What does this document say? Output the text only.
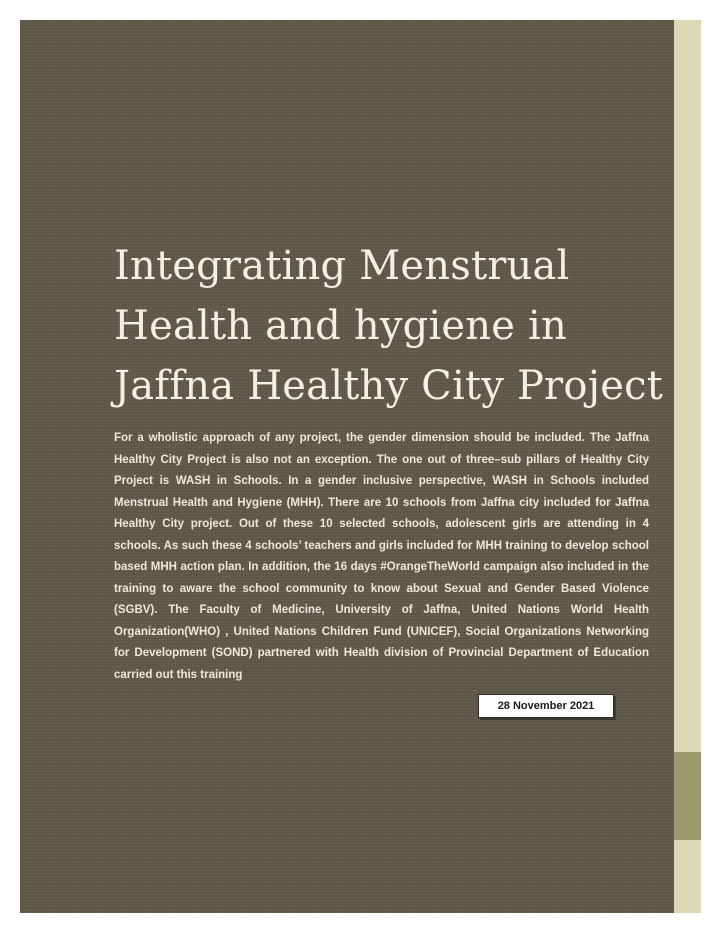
Integrating Menstrual Health and hygiene in Jaffna Healthy City Project
For a wholistic approach of any project, the gender dimension should be included. The Jaffna Healthy City Project is also not an exception. The one out of three–sub pillars of Healthy City Project is WASH in Schools. In a gender inclusive perspective, WASH in Schools included Menstrual Health and Hygiene (MHH). There are 10 schools from Jaffna city included for Jaffna Healthy City project. Out of these 10 selected schools, adolescent girls are attending in 4 schools. As such these 4 schools’ teachers and girls included for MHH training to develop school based MHH action plan. In addition, the 16 days #OrangeTheWorld campaign also included in the training to aware the school community to know about Sexual and Gender Based Violence (SGBV). The Faculty of Medicine, University of Jaffna, United Nations World Health Organization(WHO) , United Nations Children Fund (UNICEF), Social Organizations Networking for Development (SOND) partnered with Health division of Provincial Department of Education carried out this training
28 November 2021
